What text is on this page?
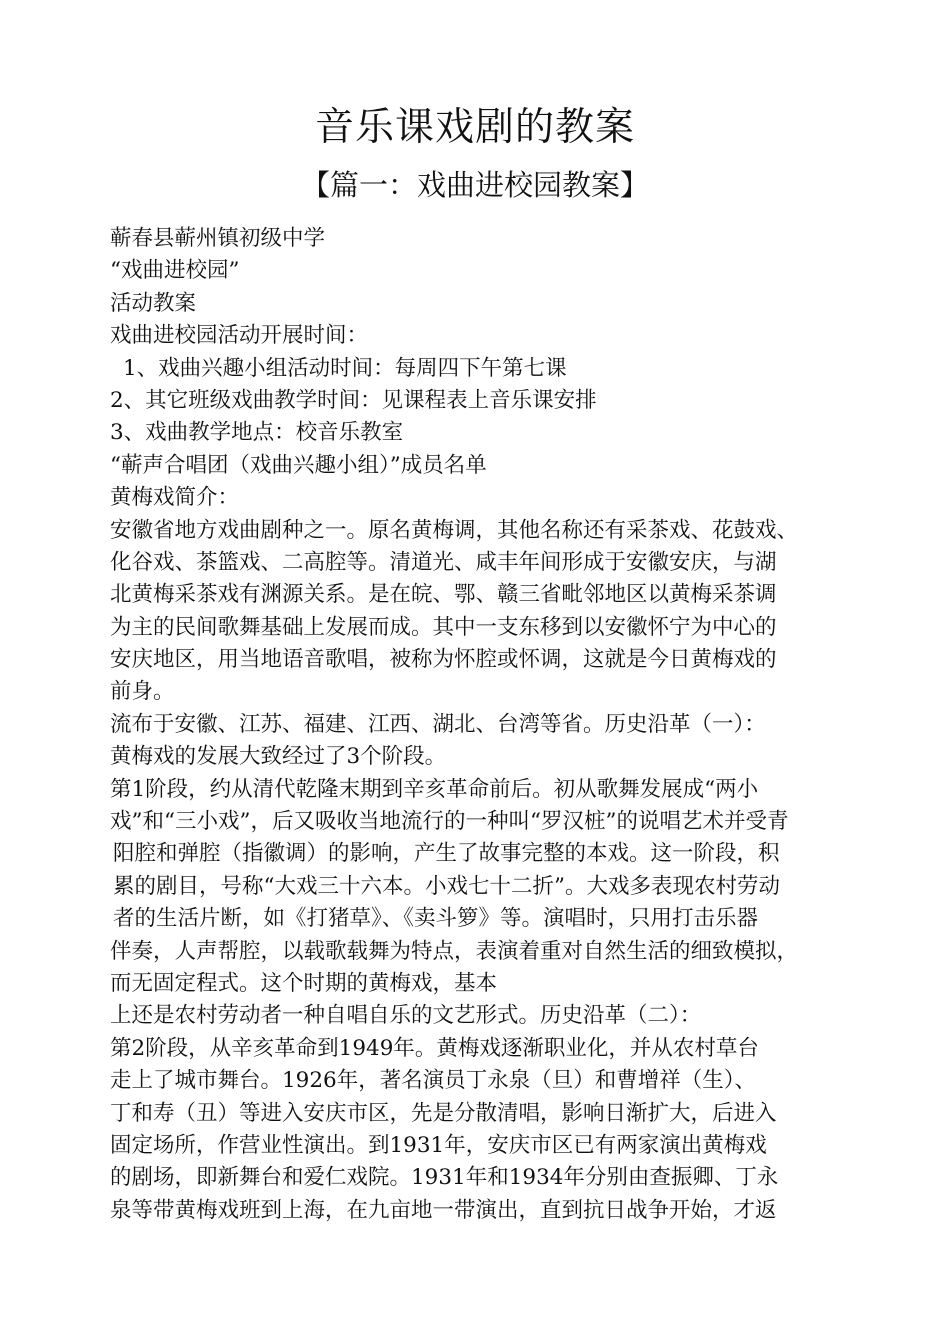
音乐课戏剧的教案
【篇一：戏曲进校园教案】
蕲春县蕲州镇初级中学
“戏曲进校园”
活动教案
戏曲进校园活动开展时间：
1、戏曲兴趣小组活动时间：每周四下午第七课
2、其它班级戏曲教学时间：见课程表上音乐课安排
3、戏曲教学地点：校音乐教室
“蕲声合唱团（戏曲兴趣小组）”成员名单
黄梅戏简介：
安徽省地方戏曲剧种之一。原名黄梅调，其他名称还有采茶戏、花鼓戏、
化谷戏、茶篮戏、二高腔等。清道光、咸丰年间形成于安徽安庆，与湖
北黄梅采茶戏有渊源关系。是在皖、鄂、赣三省毗邻地区以黄梅采茶调
为主的民间歌舞基础上发展而成。其中一支东移到以安徽怀宁为中心的
安庆地区，用当地语音歌唱，被称为怀腔或怀调，这就是今日黄梅戏的
前身。
流布于安徽、江苏、福建、江西、湖北、台湾等省。历史沿革（一）：
黄梅戏的发展大致经过了3个阶段。
第1阶段，约从清代乾隆末期到辛亥革命前后。初从歌舞发展成“两小
戏”和“三小戏”，后又吸收当地流行的一种叫“罗汉桩”的说唱艺术并受青
阳腔和弹腔（指徽调）的影响，产生了故事完整的本戏。这一阶段，积
累的剧目，号称“大戏三十六本。小戏七十二折”。大戏多表现农村劳动
者的生活片断，如《打猪草》、《卖斗箩》等。演唱时，只用打击乐器
伴奏，人声帮腔，以载歌载舞为特点，表演着重对自然生活的细致模拟，
而无固定程式。这个时期的黄梅戏，基本
上还是农村劳动者一种自唱自乐的文艺形式。历史沿革（二）：
第2阶段，从辛亥革命到1949年。黄梅戏逐渐职业化，并从农村草台
走上了城市舞台。1926年，著名演员丁永泉（旦）和曹增祥（生）、
丁和寿（丑）等进入安庆市区，先是分散清唱，影响日渐扩大，后进入
固定场所，作营业性演出。到1931年，安庆市区已有两家演出黄梅戏
的剧场，即新舞台和爱仁戏院。1931年和1934年分别由查振卿、丁永
泉等带黄梅戏班到上海，在九亩地一带演出，直到抗日战争开始，才返
